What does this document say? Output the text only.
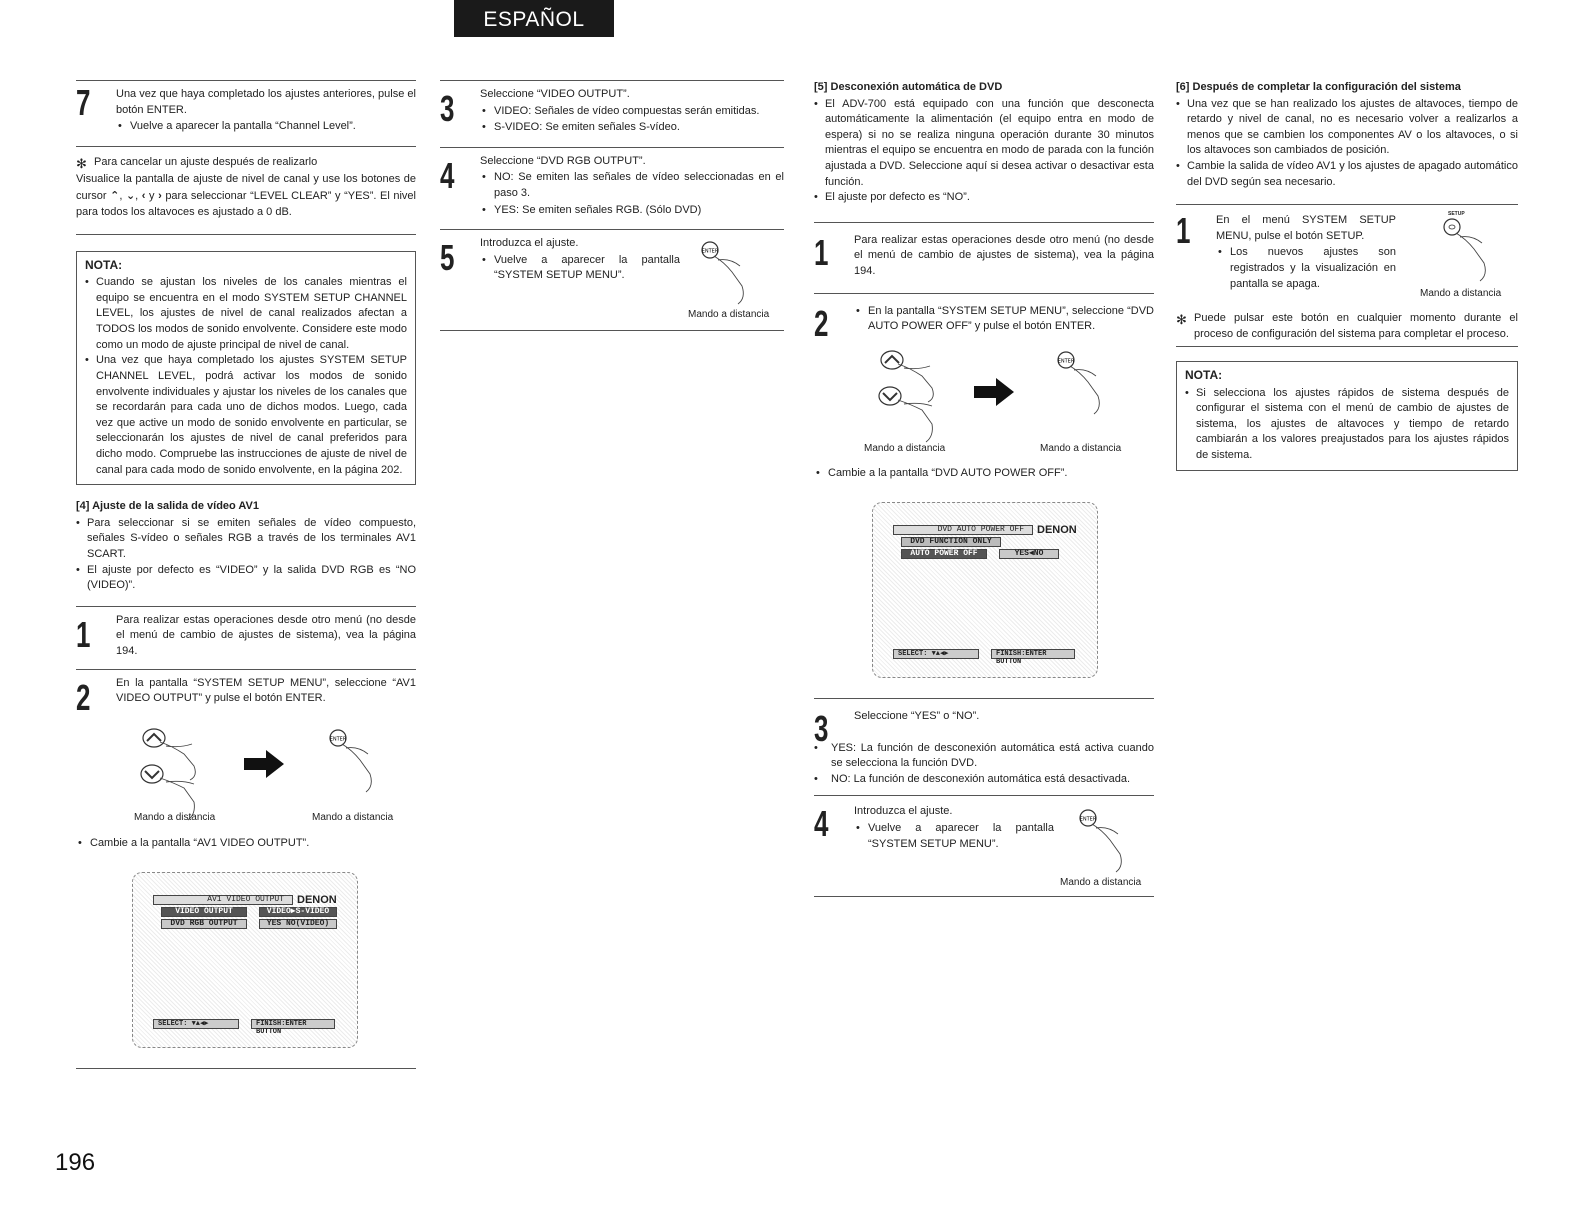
ESPAÑOL
7 Una vez que haya completado los ajustes anteriores, pulse el botón ENTER.

• Vuelve a aparecer la pantalla “Channel Level”.

✻ Para cancelar un ajuste después de realizarlo

Visualice la pantalla de ajuste de nivel de canal y use los botones de cursor ⌃, ⌄, ‹ y › para seleccionar “LEVEL CLEAR” y “YES”. El nivel para todos los altavoces es ajustado a 0 dB.

NOTA:

• Cuando se ajustan los niveles de los canales mientras el equipo se encuentra en el modo SYSTEM SETUP CHANNEL LEVEL, los ajustes de nivel de canal realizados afectan a TODOS los modos de sonido envolvente. Considere este modo como un modo de ajuste principal de nivel de canal.

• Una vez que haya completado los ajustes SYSTEM SETUP CHANNEL LEVEL, podrá activar los modos de sonido envolvente individuales y ajustar los niveles de los canales que se recordarán para cada uno de dichos modos. Luego, cada vez que active un modo de sonido envolvente en particular, se seleccionarán los ajustes de nivel de canal preferidos para dicho modo. Compruebe las instrucciones de ajuste de nivel de canal para cada modo de sonido envolvente, en la página 202.

[4] Ajuste de la salida de vídeo AV1

• Para seleccionar si se emiten señales de vídeo compuesto, señales S-vídeo o señales RGB a través de los terminales AV1 SCART.

• El ajuste por defecto es “VIDEO” y la salida DVD RGB es “NO (VIDEO)”.

1 Para realizar estas operaciones desde otro menú (no desde el menú de cambio de ajustes de sistema), vea la página 194.

2 En la pantalla “SYSTEM SETUP MENU”, seleccione “AV1 VIDEO OUTPUT” y pulse el botón ENTER.

ENTER
Mando a distancia	Mando a distancia

• Cambie a la pantalla “AV1 VIDEO OUTPUT”.

AV1 VIDEO OUTPUT	DENON
VIDEO OUTPUT	VIDEO▶S-VIDEO
DVD RGB OUTPUT	YES NO(VIDEO)
SELECT: ▼▲◀▶	FINISH:ENTER BUTTON
3 Seleccione “VIDEO OUTPUT”.

• VIDEO: Señales de vídeo compuestas serán emitidas.

• S-VIDEO: Se emiten señales S-vídeo.

4 Seleccione “DVD RGB OUTPUT”.

• NO: Se emiten las señales de vídeo seleccionadas en el paso 3.

• YES: Se emiten señales RGB. (Sólo DVD)

5 Introduzca el ajuste.

• Vuelve a aparecer la pantalla “SYSTEM SETUP MENU”.

ENTER
Mando a distancia

[5] Desconexión automática de DVD

• El ADV-700 está equipado con una función que desconecta automáticamente la alimentación (el equipo entra en modo de espera) si no se realiza ninguna operación durante 30 minutos mientras el equipo se encuentra en modo de parada con la función ajustada a DVD. Seleccione aquí si desea activar o desactivar esta función.

• El ajuste por defecto es “NO”.

1 Para realizar estas operaciones desde otro menú (no desde el menú de cambio de ajustes de sistema), vea la página 194.

2

•	En la pantalla “SYSTEM SETUP MENU”, seleccione “DVD AUTO POWER OFF” y pulse el botón ENTER.

ENTER
Mando a distancia	Mando a distancia

• Cambie a la pantalla “DVD AUTO POWER OFF”.

DVD AUTO POWER OFF	DENON
DVD FUNCTION ONLY
AUTO POWER OFF	YES◀NO
SELECT: ▼▲◀▶	FINISH:ENTER BUTTON
3 Seleccione “YES” o “NO”.

• YES: La función de desconexión automática está activa cuando se selecciona la función DVD.

• NO: La función de desconexión automática está desactivada.

4 Introduzca el ajuste.

• Vuelve a aparecer la pantalla “SYSTEM SETUP MENU”.

ENTER
Mando a distancia

[6] Después de completar la configuración del sistema

• Una vez que se han realizado los ajustes de altavoces, tiempo de retardo y nivel de canal, no es necesario volver a realizarlos a menos que se cambien los componentes AV o los altavoces, o si los altavoces son cambiados de posición.

• Cambie la salida de vídeo AV1 y los ajustes de apagado automático del DVD según sea necesario.

1 En el menú SYSTEM SETUP MENU, pulse el botón SETUP.

• Los nuevos ajustes son registrados y la visualización en pantalla se apaga.

SETUP
Mando a distancia
✻ Puede pulsar este botón en cualquier momento durante el proceso de configuración del sistema para completar el proceso.

NOTA:

• Si selecciona los ajustes rápidos de sistema después de configurar el sistema con el menú de cambio de ajustes de sistema, los ajustes de altavoces y tiempo de retardo cambiarán a los valores preajustados para los ajustes rápidos de sistema.

196
